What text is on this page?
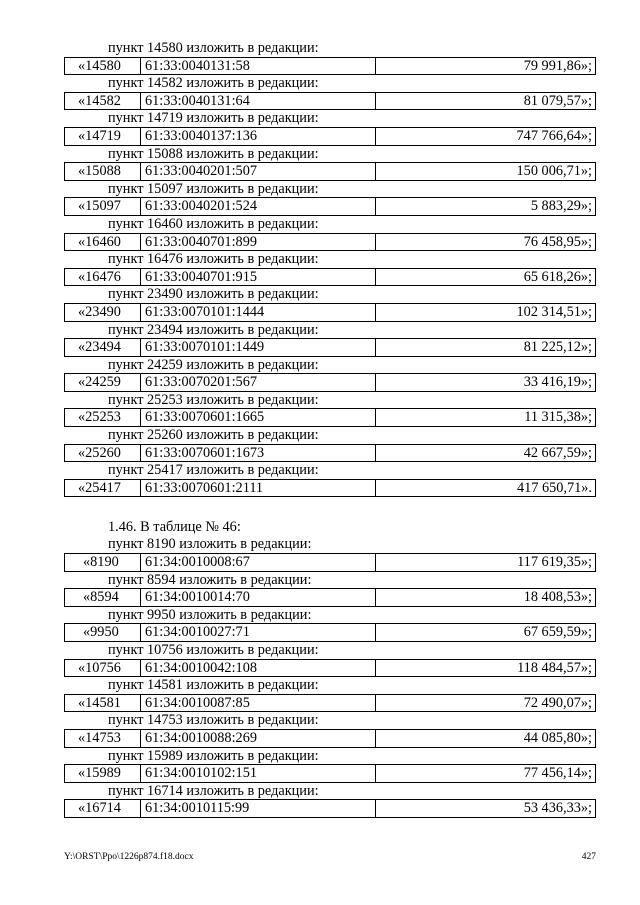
пункт 14580 изложить в редакции:
«14580	61:33:0040131:58	79 991,86»;
пункт 14582 изложить в редакции:
«14582	61:33:0040131:64	81 079,57»;
пункт 14719 изложить в редакции:
«14719	61:33:0040137:136	747 766,64»;
пункт 15088 изложить в редакции:
«15088	61:33:0040201:507	150 006,71»;
пункт 15097 изложить в редакции:
«15097	61:33:0040201:524	5 883,29»;
пункт 16460 изложить в редакции:
«16460	61:33:0040701:899	76 458,95»;
пункт 16476 изложить в редакции:
«16476	61:33:0040701:915	65 618,26»;
пункт 23490 изложить в редакции:
«23490	61:33:0070101:1444	102 314,51»;
пункт 23494 изложить в редакции:
«23494	61:33:0070101:1449	81 225,12»;
пункт 24259 изложить в редакции:
«24259	61:33:0070201:567	33 416,19»;
пункт 25253 изложить в редакции:
«25253	61:33:0070601:1665	11 315,38»;
пункт 25260 изложить в редакции:
«25260	61:33:0070601:1673	42 667,59»;
пункт 25417 изложить в редакции:
«25417	61:33:0070601:2111	417 650,71».
1.46. В таблице № 46:
пункт 8190 изложить в редакции:
«8190	61:34:0010008:67	117 619,35»;
пункт 8594 изложить в редакции:
«8594	61:34:0010014:70	18 408,53»;
пункт 9950 изложить в редакции:
«9950	61:34:0010027:71	67 659,59»;
пункт 10756 изложить в редакции:
«10756	61:34:0010042:108	118 484,57»;
пункт 14581 изложить в редакции:
«14581	61:34:0010087:85	72 490,07»;
пункт 14753 изложить в редакции:
«14753	61:34:0010088:269	44 085,80»;
пункт 15989 изложить в редакции:
«15989	61:34:0010102:151	77 456,14»;
пункт 16714 изложить в редакции:
«16714	61:34:0010115:99	53 436,33»;
Y:\ORST\Ppo\1226p874.f18.docx	427
